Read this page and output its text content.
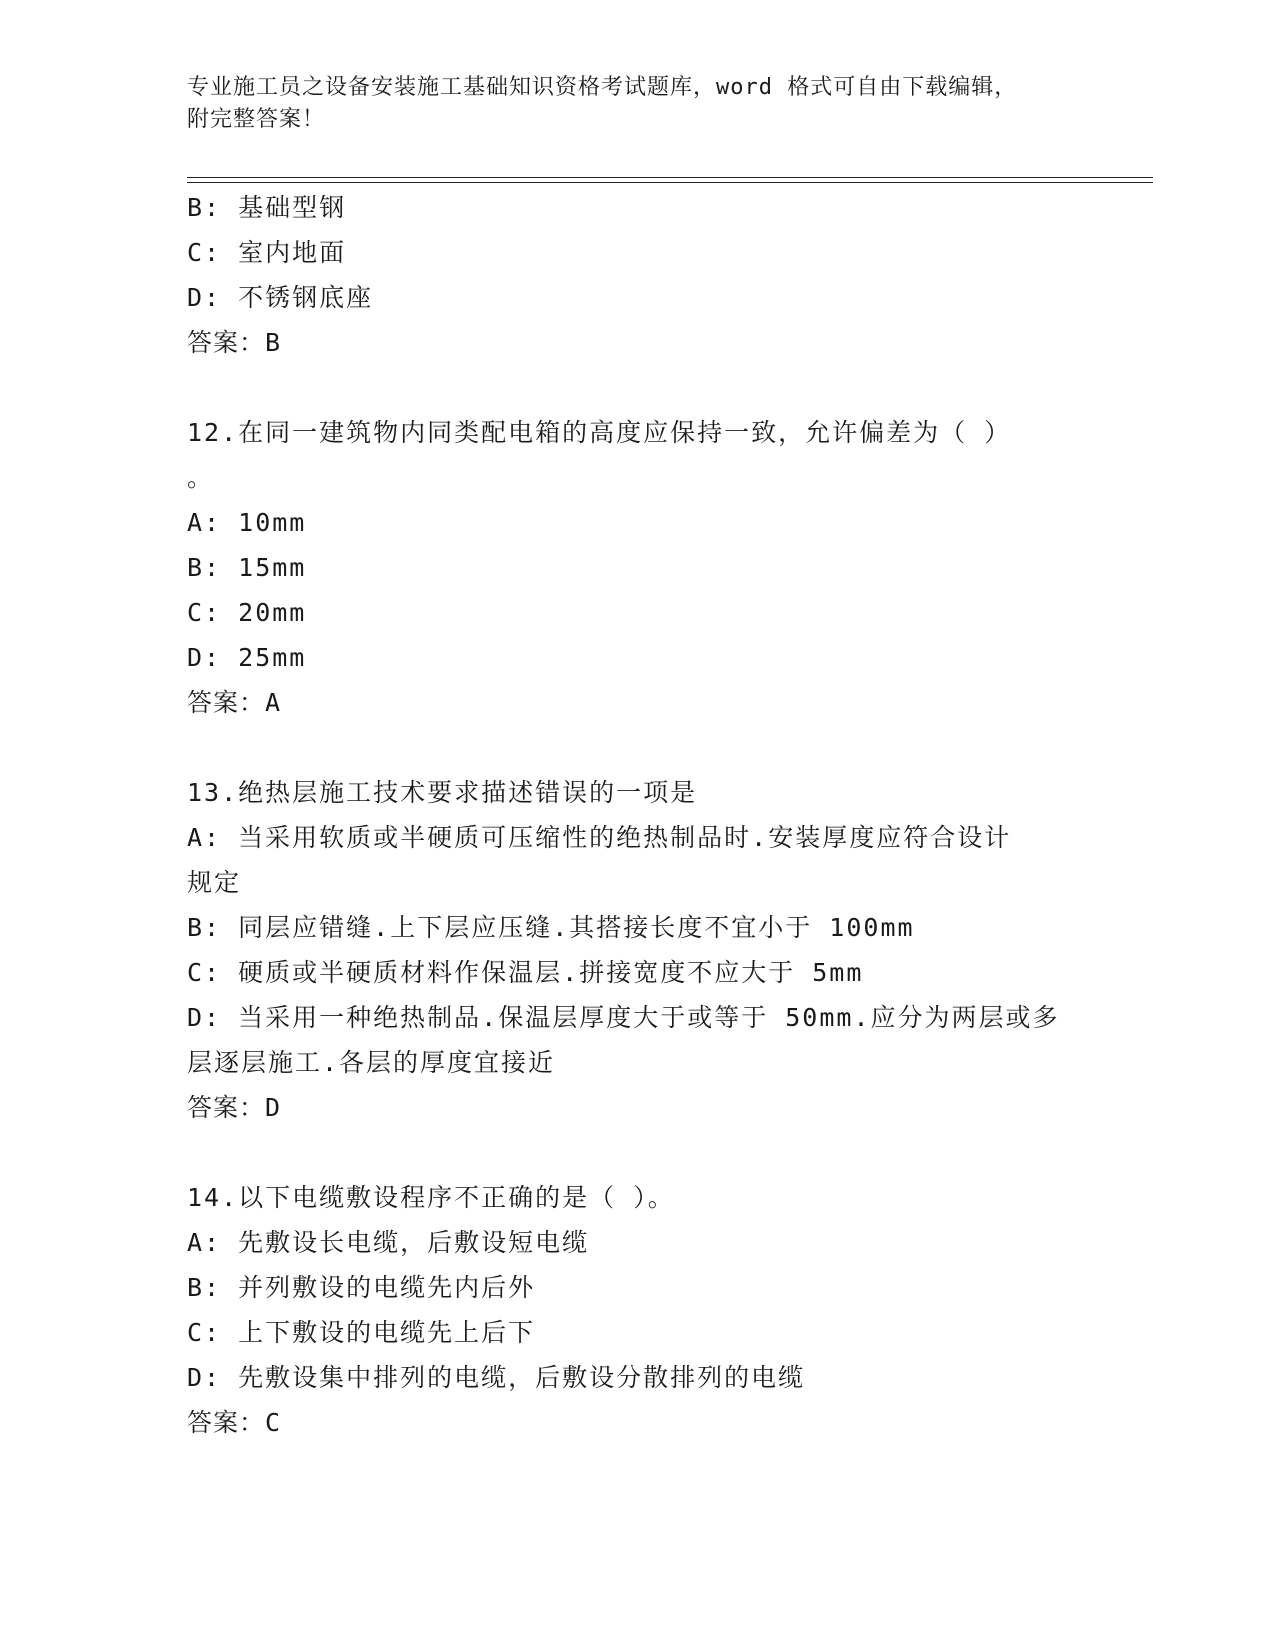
专业施工员之设备安装施工基础知识资格考试题库，word 格式可自由下载编辑，
附完整答案！
B: 基础型钢
C: 室内地面
D: 不锈钢底座
答案：B
12.在同一建筑物内同类配电箱的高度应保持一致，允许偏差为（ ）
。
A: 10mm
B: 15mm
C: 20mm
D: 25mm
答案：A
13.绝热层施工技术要求描述错误的一项是
A: 当采用软质或半硬质可压缩性的绝热制品时.安装厚度应符合设计
规定
B: 同层应错缝.上下层应压缝.其搭接长度不宜小于 100mm
C: 硬质或半硬质材料作保温层.拼接宽度不应大于 5mm
D: 当采用一种绝热制品.保温层厚度大于或等于 50mm.应分为两层或多
层逐层施工.各层的厚度宜接近
答案：D
14.以下电缆敷设程序不正确的是（ ）。
A: 先敷设长电缆，后敷设短电缆
B: 并列敷设的电缆先内后外
C: 上下敷设的电缆先上后下
D: 先敷设集中排列的电缆，后敷设分散排列的电缆
答案：C
